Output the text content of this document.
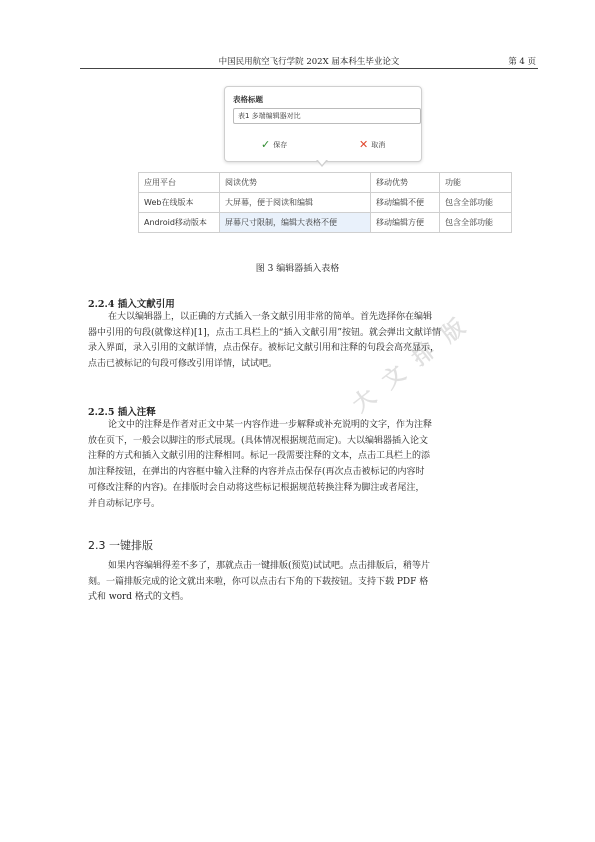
中国民用航空飞行学院 202X 届本科生毕业论文	第 4 页
表格标题
表1 多端编辑器对比
✓ 保存	✕ 取消
应用平台	阅读优势	移动优势	功能
Web在线版本	大屏幕，便于阅读和编辑	移动编辑不便	包含全部功能
Android移动版本	屏幕尺寸限制，编辑大表格不便	移动编辑方便	包含全部功能
图 3 编辑器插入表格
2.2.4 插入文献引用
在大以编辑器上，以正确的方式插入一条文献引用非常的简单。首先选择你在编辑
器中引用的句段(就像这样)[1]，点击工具栏上的“插入文献引用”按钮。就会弹出文献详情
录入界面，录入引用的文献详情，点击保存。被标记文献引用和注释的句段会高亮显示，
点击已被标记的句段可修改引用详情，试试吧。
2.2.5 插入注释
论文中的注释是作者对正文中某一内容作进一步解释或补充说明的文字，作为注释
放在页下，一般会以脚注的形式展现。(具体情况根据规范而定)。大以编辑器插入论文
注释的方式和插入文献引用的注释相同。标记一段需要注释的文本，点击工具栏上的添
加注释按钮，在弹出的内容框中输入注释的内容并点击保存(再次点击被标记的内容时
可修改注释的内容)。在排版时会自动将这些标记根据规范转换注释为脚注或者尾注，
并自动标记序号。
2.3 一键排版
如果内容编辑得差不多了，那就点击一键排版(预览)试试吧。点击排版后，稍等片
刻。一篇排版完成的论文就出来啦，你可以点击右下角的下载按钮。支持下载 PDF 格
式和 word 格式的文档。
大 文 排 版
